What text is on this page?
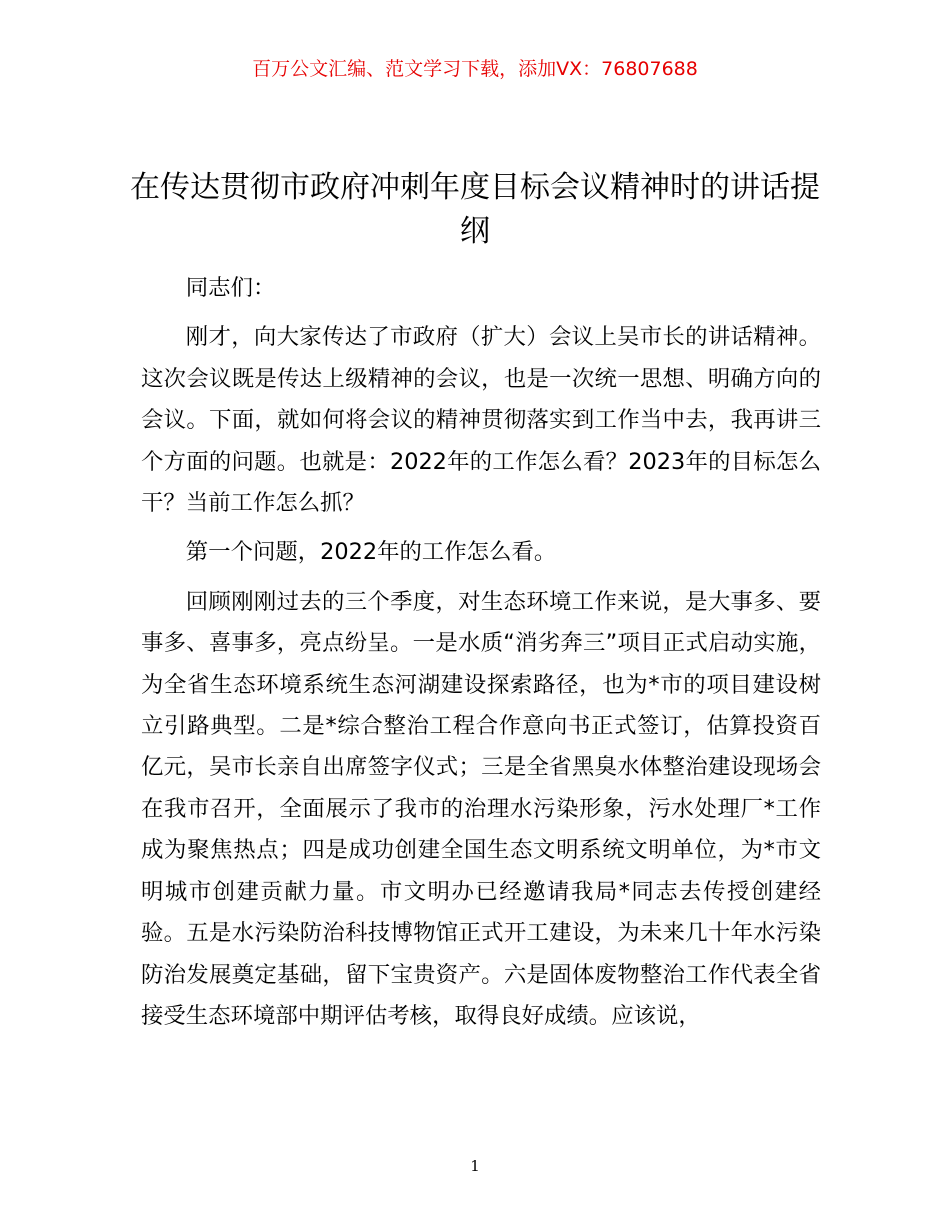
百万公文汇编、范文学习下载，添加VX：76807688
在传达贯彻市政府冲刺年度目标会议精神时的讲话提纲

同志们：

刚才，向大家传达了市政府（扩大）会议上吴市长的讲话精神。这次会议既是传达上级精神的会议，也是一次统一思想、明确方向的会议。下面，就如何将会议的精神贯彻落实到工作当中去，我再讲三个方面的问题。也就是：2022年的工作怎么看？2023年的目标怎么干？当前工作怎么抓？

第一个问题，2022年的工作怎么看。

回顾刚刚过去的三个季度，对生态环境工作来说，是大事多、要事多、喜事多，亮点纷呈。一是水质“消劣奔三”项目正式启动实施，为全省生态环境系统生态河湖建设探索路径，也为*市的项目建设树立引路典型。二是*综合整治工程合作意向书正式签订，估算投资百亿元，吴市长亲自出席签字仪式；三是全省黑臭水体整治建设现场会在我市召开，全面展示了我市的治理水污染形象，污水处理厂*工作成为聚焦热点；四是成功创建全国生态文明系统文明单位，为*市文明城市创建贡献力量。市文明办已经邀请我局*同志去传授创建经验。五是水污染防治科技博物馆正式开工建设，为未来几十年水污染防治发展奠定基础，留下宝贵资产。六是固体废物整治工作代表全省接受生态环境部中期评估考核，取得良好成绩。应该说，

1
